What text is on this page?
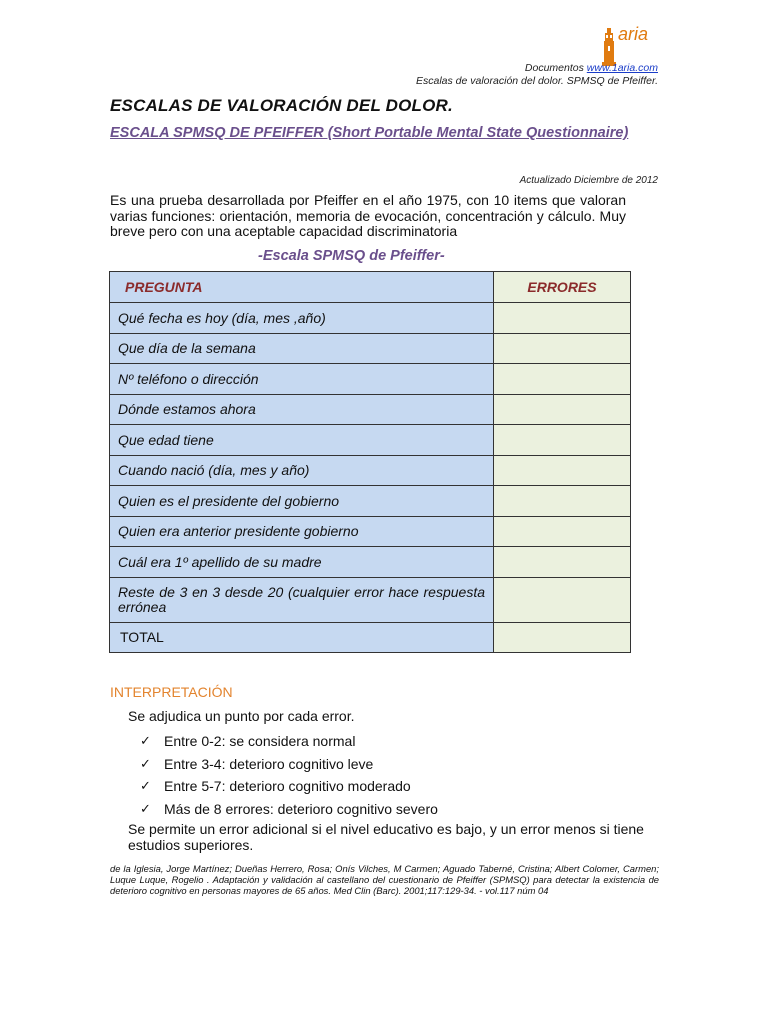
aria
Documentos www.1aria.com
Escalas de valoración del dolor. SPMSQ de Pfeiffer.
ESCALAS DE VALORACIÓN DEL DOLOR.
ESCALA SPMSQ DE PFEIFFER (Short Portable Mental State Questionnaire)
Actualizado Diciembre de 2012
Es una prueba desarrollada por Pfeiffer en el año 1975, con 10 items que valoran varias funciones: orientación, memoria de evocación, concentración y cálculo. Muy breve pero con una aceptable capacidad discriminatoria
-Escala SPMSQ de Pfeiffer-
PREGUNTA	ERRORES
Qué fecha es hoy (día, mes ,año)	
Que día de la semana	
Nº teléfono o dirección	
Dónde estamos ahora	
Que edad tiene	
Cuando nació (día, mes y año)	
Quien es el presidente del gobierno	
Quien era anterior presidente gobierno	
Cuál era 1º apellido de su madre	
Reste de 3 en 3 desde 20 (cualquier error hace respuesta errónea	
TOTAL	
INTERPRETACIÓN
Se adjudica un punto por cada error.
✓ Entre 0-2: se considera normal
✓ Entre 3-4: deterioro cognitivo leve
✓ Entre 5-7: deterioro cognitivo moderado
✓ Más de 8 errores: deterioro cognitivo severo
Se permite un error adicional si el nivel educativo es bajo, y un error menos si tiene estudios superiores.
de la Iglesia, Jorge Martínez; Dueñas Herrero, Rosa; Onís Vilches, M Carmen; Aguado Taberné, Cristina; Albert Colomer, Carmen; Luque Luque, Rogelio . Adaptación y validación al castellano del cuestionario de Pfeiffer (SPMSQ) para detectar la existencia de deterioro cognitivo en personas mayores de 65 años. Med Clin (Barc). 2001;117:129-34. - vol.117 núm 04
